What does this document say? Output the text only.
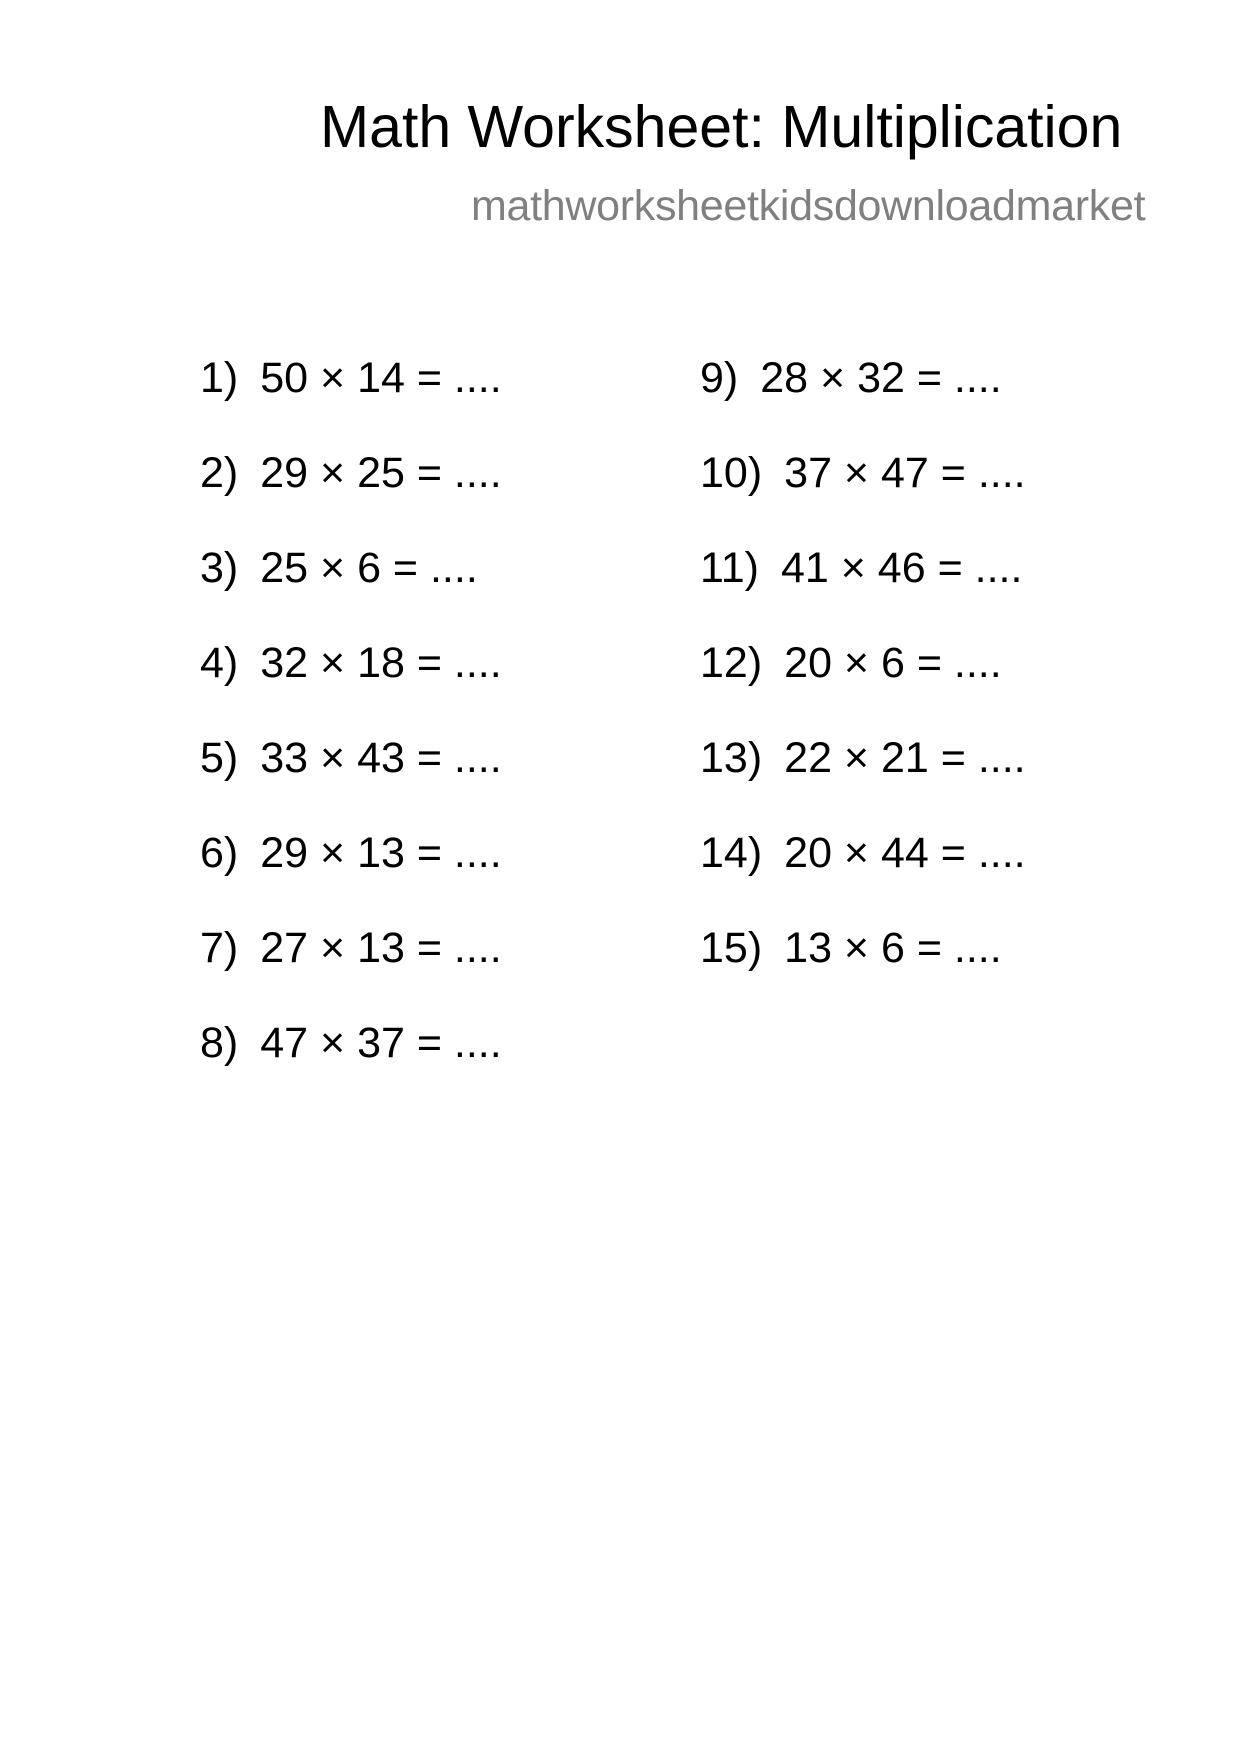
Math Worksheet: Multiplication
mathworksheetkidsdownloadmarket
1) 50 × 14 = ....
2) 29 × 25 = ....
3) 25 × 6 = ....
4) 32 × 18 = ....
5) 33 × 43 = ....
6) 29 × 13 = ....
7) 27 × 13 = ....
8) 47 × 37 = ....
9) 28 × 32 = ....
10) 37 × 47 = ....
11) 41 × 46 = ....
12) 20 × 6 = ....
13) 22 × 21 = ....
14) 20 × 44 = ....
15) 13 × 6 = ....
